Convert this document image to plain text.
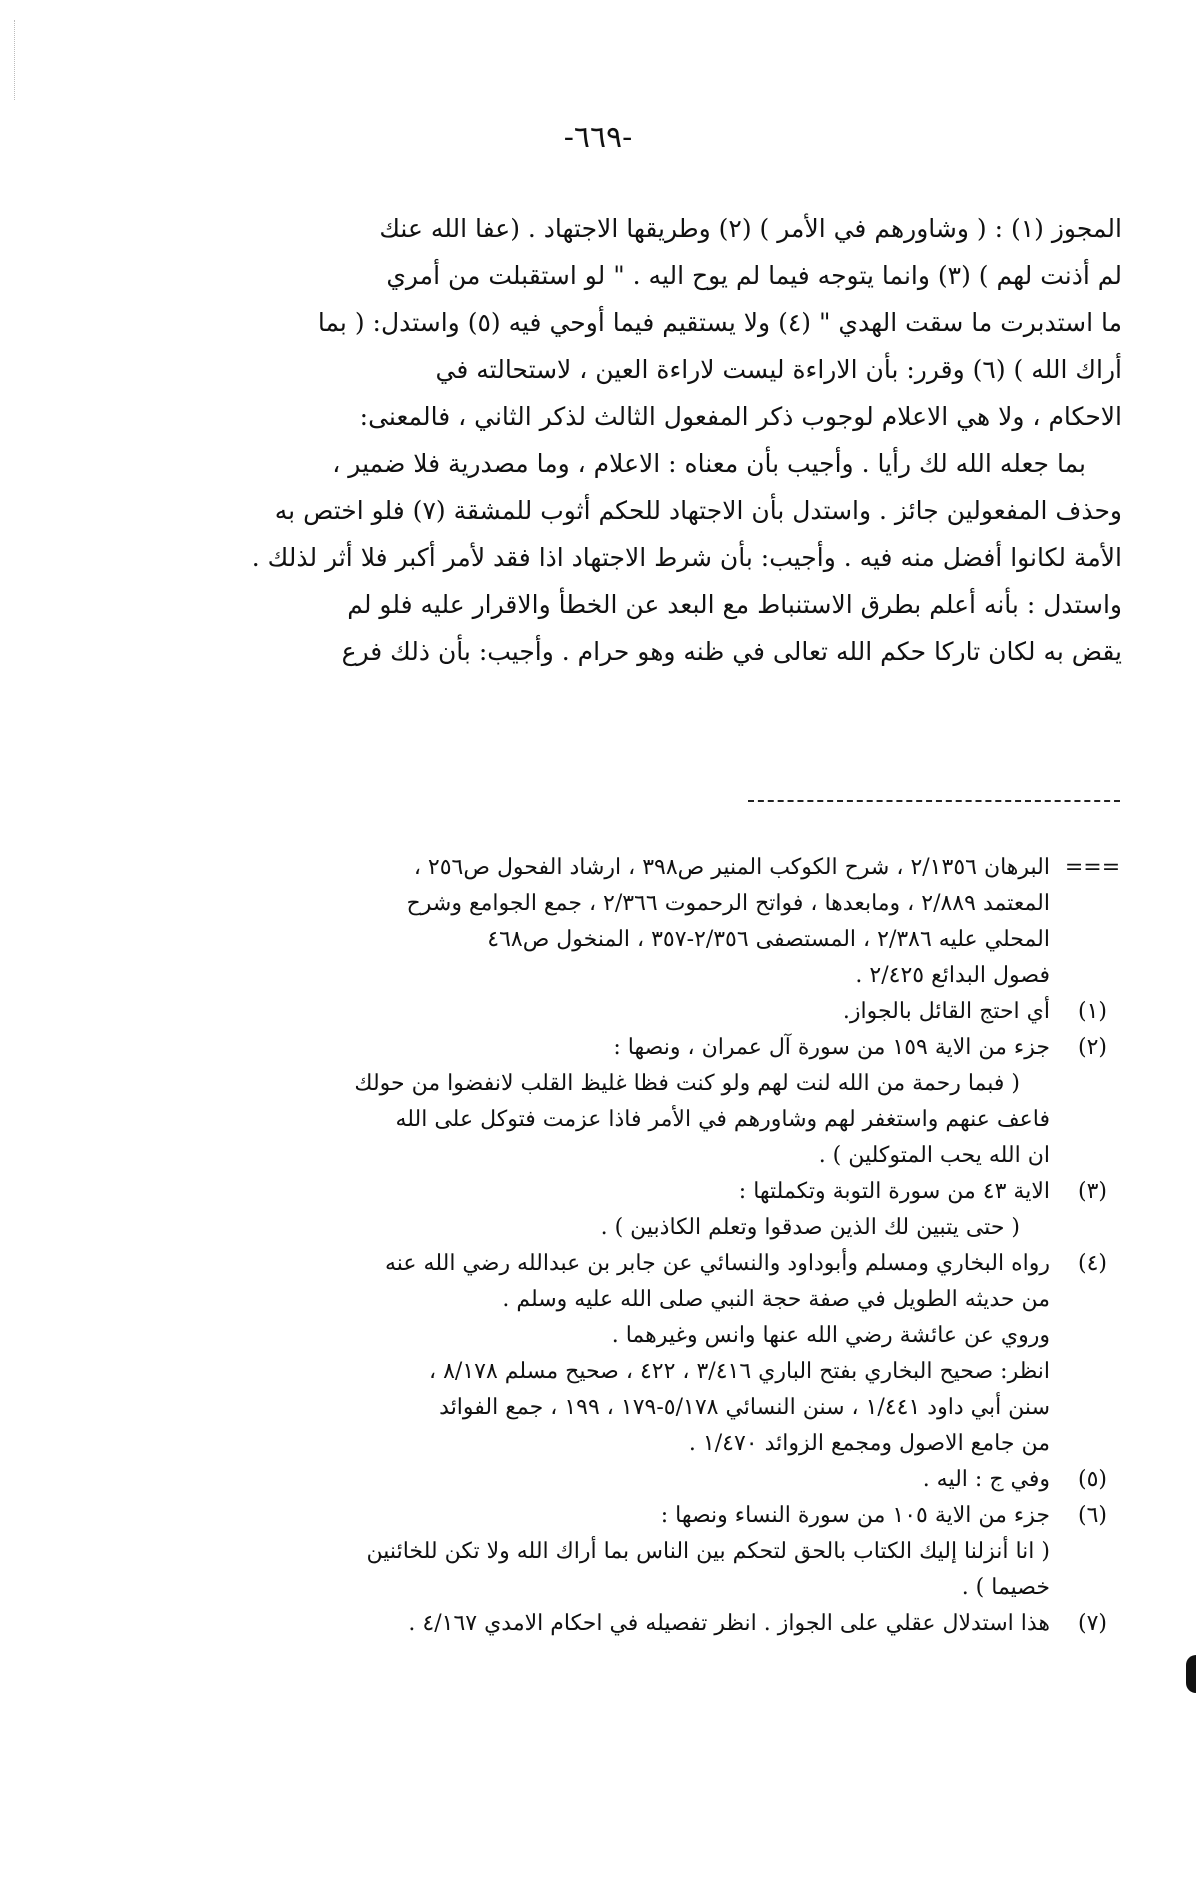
-٦٦٩-
المجوز (١) : ( وشاورهم في الأمر ) (٢) وطريقها الاجتهاد . (عفا الله عنك
لم أذنت لهم ) (٣) وانما يتوجه فيما لم يوح اليه . " لو استقبلت من أمري
ما استدبرت ما سقت الهدي " (٤) ولا يستقيم فيما أوحي فيه (٥) واستدل: ( بما
أراك الله ) (٦) وقرر: بأن الاراءة ليست لاراءة العين ، لاستحالته في
الاحكام ، ولا هي الاعلام لوجوب ذكر المفعول الثالث لذكر الثاني ، فالمعنى:
بما جعله الله لك رأيا . وأجيب بأن معناه : الاعلام ، وما مصدرية فلا ضمير ،
وحذف المفعولين جائز . واستدل بأن الاجتهاد للحكم أثوب للمشقة (٧) فلو اختص به
الأمة لكانوا أفضل منه فيه . وأجيب: بأن شرط الاجتهاد اذا فقد لأمر أكبر فلا أثر لذلك .
واستدل : بأنه أعلم بطرق الاستنباط مع البعد عن الخطأ والاقرار عليه فلو لم
يقض به لكان تاركا حكم الله تعالى في ظنه وهو حرام . وأجيب: بأن ذلك فرع
===
البرهان ٢/١٣٥٦ ، شرح الكوكب المنير ص٣٩٨ ، ارشاد الفحول ص٢٥٦ ،
المعتمد ٢/٨٨٩ ، ومابعدها ، فواتح الرحموت ٢/٣٦٦ ، جمع الجوامع وشرح
المحلي عليه ٢/٣٨٦ ، المستصفى ٢/٣٥٦-٣٥٧ ، المنخول ص٤٦٨
فصول البدائع ٢/٤٢٥ .
(١)
أي احتج القائل بالجواز.
(٢)
جزء من الاية ١٥٩ من سورة آل عمران ، ونصها :
( فبما رحمة من الله لنت لهم ولو كنت فظا غليظ القلب لانفضوا من حولك
فاعف عنهم واستغفر لهم وشاورهم في الأمر فاذا عزمت فتوكل على الله
ان الله يحب المتوكلين ) .
(٣)
الاية ٤٣ من سورة التوبة وتكملتها :
( حتى يتبين لك الذين صدقوا وتعلم الكاذبين ) .
(٤)
رواه البخاري ومسلم وأبوداود والنسائي عن جابر بن عبدالله رضي الله عنه
من حديثه الطويل في صفة حجة النبي صلى الله عليه وسلم .
وروي عن عائشة رضي الله عنها وانس وغيرهما .
انظر: صحيح البخاري بفتح الباري ٣/٤١٦ ، ٤٢٢ ، صحيح مسلم ٨/١٧٨ ،
سنن أبي داود ١/٤٤١ ، سنن النسائي ٥/١٧٨-١٧٩ ، ١٩٩ ، جمع الفوائد
من جامع الاصول ومجمع الزوائد ١/٤٧٠ .
(٥)
وفي ج : اليه .
(٦)
جزء من الاية ١٠٥ من سورة النساء ونصها :
( انا أنزلنا إليك الكتاب بالحق لتحكم بين الناس بما أراك الله ولا تكن للخائنين
خصيما ) .
(٧)
هذا استدلال عقلي على الجواز . انظر تفصيله في احكام الامدي ٤/١٦٧ .
